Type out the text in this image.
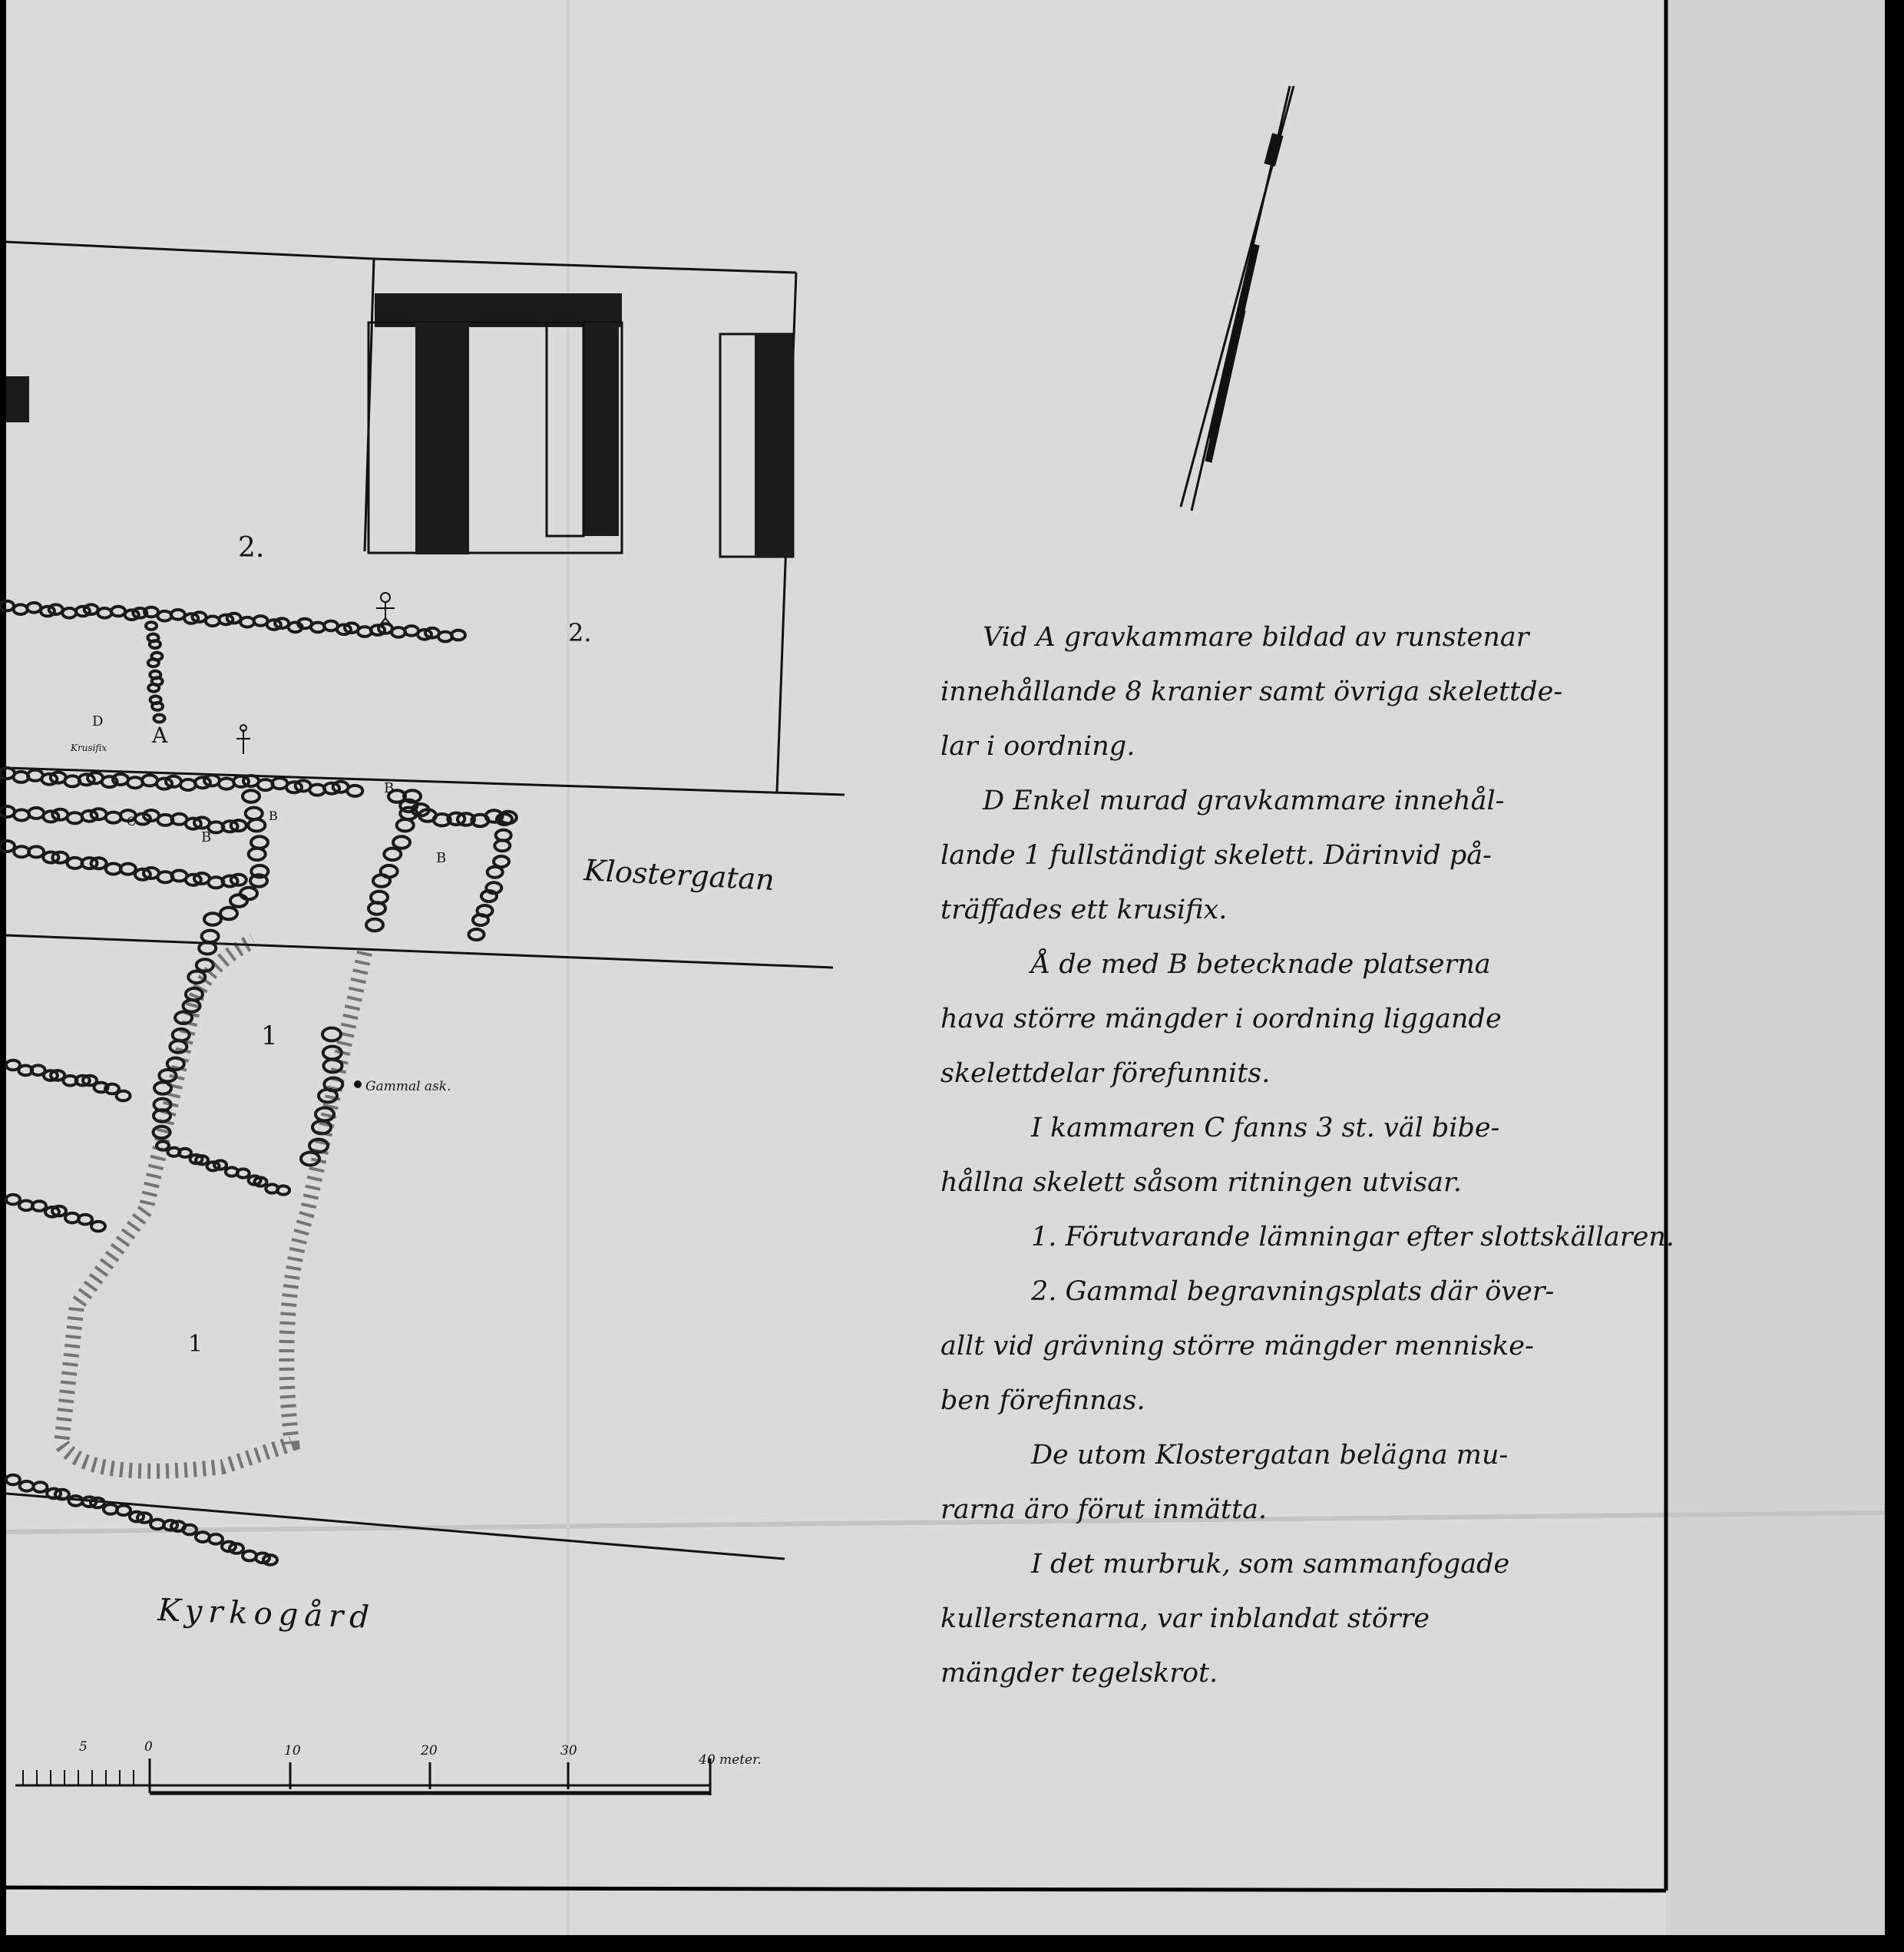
Klostergatan
Kyrkogård
2.
2.
1
1
A
D
Krusifix
B
B
B
B
C
Gammal ask.
5	0	10	20	30
40 meter.

Vid A gravkammare bildad av runstenar

innehållande 8 kranier samt övriga skelettde-

lar i oordning.

D Enkel murad gravkammare innehål-

lande 1 fullständigt skelett. Därinvid på-

träffades ett krusifix.

Å de med B betecknade platserna

hava större mängder i oordning liggande

skelettdelar förefunnits.

I kammaren C fanns 3 st. väl bibe-

hållna skelett såsom ritningen utvisar.

1. Förutvarande lämningar efter slottskällaren.

2. Gammal begravningsplats där över-

allt vid grävning större mängder menniske-

ben förefinnas.

De utom Klostergatan belägna mu-

rarna äro förut inmätta.

I det murbruk, som sammanfogade

kullerstenarna, var inblandat större

mängder tegelskrot.
